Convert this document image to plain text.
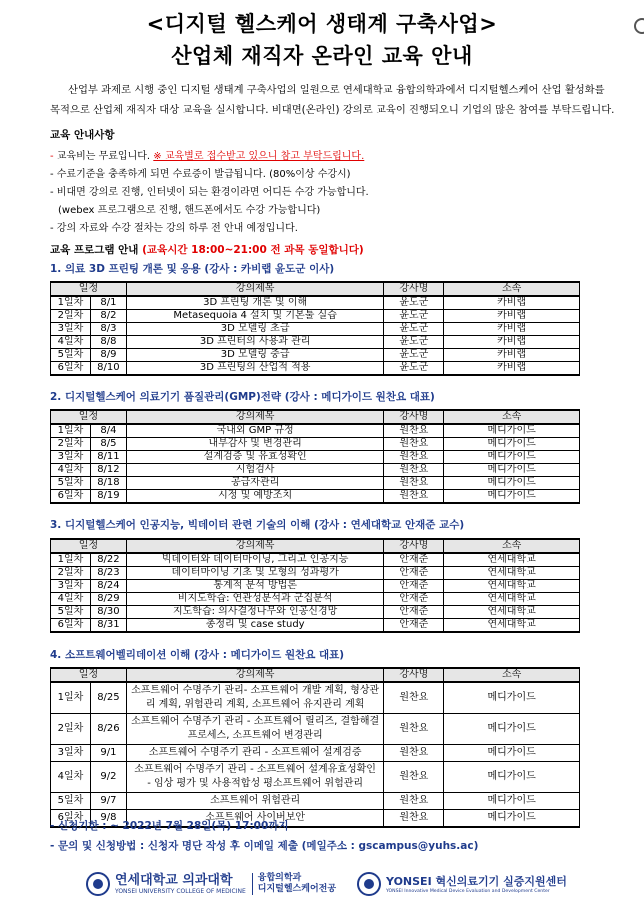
<디지털 헬스케어 생태계 구축사업>
산업체 재직자 온라인 교육 안내

산업부 과제로 시행 중인 디지털 생태계 구축사업의 일원으로 연세대학교 융합의학과에서 디지털헬스케어 산업 활성화를

목적으로 산업체 재직자 대상 교육을 실시합니다. 비대면(온라인) 강의로 교육이 진행되오니 기업의 많은 참여를 부탁드립니다.

교육 안내사항
- 교육비는 무료입니다. ※ 교육별로 접수받고 있으니 참고 부탁드립니다.
- 수료기준을 충족하게 되면 수료증이 발급됩니다. (80%이상 수강시)
- 비대면 강의로 진행, 인터넷이 되는 환경이라면 어디든 수강 가능합니다.
(webex 프로그램으로 진행, 핸드폰에서도 수강 가능합니다)
- 강의 자료와 수강 절차는 강의 하루 전 안내 예정입니다.
교육 프로그램 안내 (교육시간 18:00~21:00 전 과목 동일합니다)
1. 의료 3D 프린팅 개론 및 응용 (강사 : 카비랩 윤도군 이사)
일정		강의제목	강사명	소속
1일차	8/1	3D 프린팅 개론 및 이해	윤도군	카비랩
2일차	8/2	Metasequoia 4 설치 및 기본툴 실습	윤도군	카비랩
3일차	8/3	3D 모델링 초급	윤도군	카비랩
4일차	8/8	3D 프린터의 사용과 관리	윤도군	카비랩
5일차	8/9	3D 모델링 중급	윤도군	카비랩
6일차	8/10	3D 프린팅의 산업적 적용	윤도군	카비랩
2. 디지털헬스케어 의료기기 품질관리(GMP)전략 (강사 : 메디가이드 원찬요 대표)
일정		강의제목	강사명	소속
1일차	8/4	국내외 GMP 규정	원찬요	메디가이드
2일차	8/5	내부감사 및 변경관리	원찬요	메디가이드
3일차	8/11	설계검증 및 유효성확인	원찬요	메디가이드
4일차	8/12	시험검사	원찬요	메디가이드
5일차	8/18	공급자관리	원찬요	메디가이드
6일차	8/19	시정 및 예방조치	원찬요	메디가이드
3. 디지털헬스케어 인공지능, 빅데이터 관련 기술의 이해 (강사 : 연세대학교 안재준 교수)
일정		강의제목	강사명	소속
1일차	8/22	빅데이터와 데이터마이닝, 그리고 인공지능	안재준	연세대학교
2일차	8/23	데이터마이닝 기초 및 모형의 성과평가	안재준	연세대학교
3일차	8/24	통계적 분석 방법론	안재준	연세대학교
4일차	8/29	비지도학습: 연관성분석과 군집분석	안재준	연세대학교
5일차	8/30	지도학습: 의사결정나무와 인공신경망	안재준	연세대학교
6일차	8/31	총정리 및 case study	안재준	연세대학교
4. 소프트웨어벨리데이션 이해 (강사 : 메디가이드 원찬요 대표)
일정		강의제목	강사명	소속
1일차	8/25	소프트웨어 수명주기 관리- 소프트웨어 개발 계획, 형상관리 계획, 위험관리 계획, 소프트웨어 유지관리 계획	원찬요	메디가이드
2일차	8/26	소프트웨어 수명주기 관리 - 소프트웨어 릴리즈, 결함해결 프로세스, 소프트웨어 변경관리	원찬요	메디가이드
3일차	9/1	소프트웨어 수명주기 관리 - 소프트웨어 설계검증	원찬요	메디가이드
4일차	9/2	소프트웨어 수명주기 관리 - 소프트웨어 설계유효성확인 - 임상 평가 및 사용적합성 평소프트웨어 위험관리	원찬요	메디가이드
5일차	9/7	소프트웨어 위험관리	원찬요	메디가이드
6일차	9/8	소프트웨어 사이버보안	원찬요	메디가이드
- 신청기한 : ~ 2022년 7월 28일(목) 17:00까지
- 문의 및 신청방법 : 신청자 명단 작성 후 이메일 제출 (메일주소 : gscampus@yuhs.ac)
연세대학교 의과대학
YONSEI UNIVERSITY COLLEGE OF MEDICINE
융합의학과
디지털헬스케어전공
YONSEI 혁신의료기기 실증지원센터
YONSEI Innovative Medical Device Evaluation and Development Center
